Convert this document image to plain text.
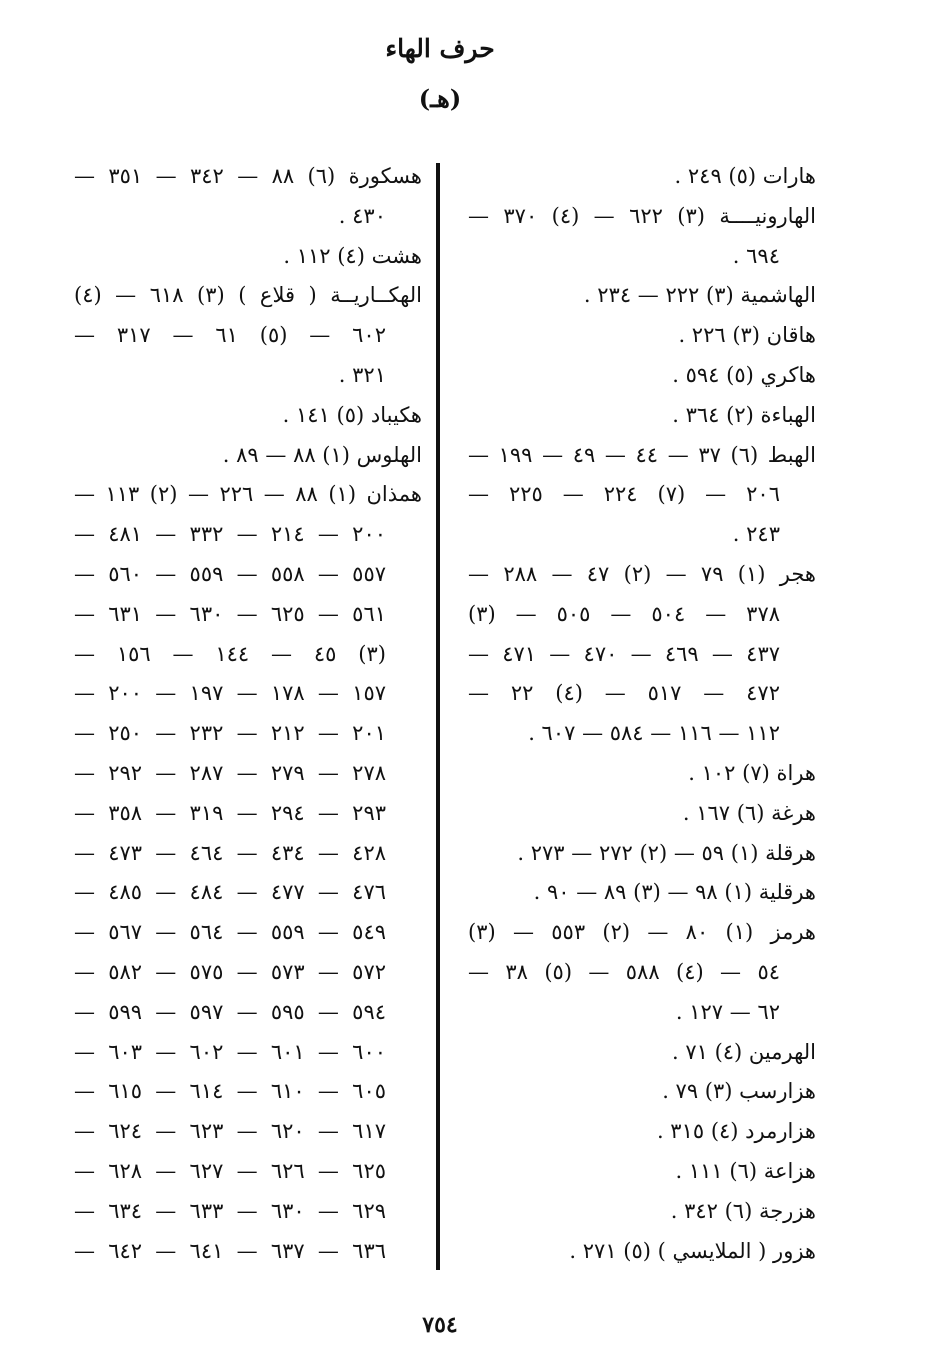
حرف الهاء
(هـ)
هارات (٥) ٢٤٩ .
الهارونيــــة (٣) ٦٢٢ — (٤) ٣٧٠ —
٦٩٤ .
الهاشمية (٣) ٢٢٢ — ٢٣٤ .
هاقان (٣) ٢٢٦ .
هاكري (٥) ٥٩٤ .
الهباءة (٢) ٣٦٤ .
الهبط (٦) ٣٧ — ٤٤ — ٤٩ — ١٩٩ —
٢٠٦ — (٧) ٢٢٤ — ٢٢٥ —
٢٤٣ .
هجر (١) ٧٩ — (٢) ٤٧ — ٢٨٨ —
٣٧٨ — ٥٠٤ — ٥٠٥ — (٣)
٤٣٧ — ٤٦٩ — ٤٧٠ — ٤٧١ —
٤٧٢ — ٥١٧ — (٤) ٢٢ —
١١٢ — ١١٦ — ٥٨٤ — ٦٠٧ .
هراة (٧) ١٠٢ .
هرغة (٦) ١٦٧ .
هرقلة (١) ٥٩ — (٢) ٢٧٢ — ٢٧٣ .
هرقلية (١) ٩٨ — (٣) ٨٩ — ٩٠ .
هرمز (١) ٨٠ — (٢) ٥٥٣ — (٣)
٥٤ — (٤) ٥٨٨ — (٥) ٣٨ —
٦٢ — ١٢٧ .
الهرمين (٤) ٧١ .
هزارسب (٣) ٧٩ .
هزارمرد (٤) ٣١٥ .
هزاعة (٦) ١١١ .
هزرجة (٦) ٣٤٢ .
هزور ( الملايسي ) (٥) ٢٧١ .
هسكورة (٦) ٨٨ — ٣٤٢ — ٣٥١ —
٤٣٠ .
هشت (٤) ١١٢ .
الهكــاريــة ( قلاع ) (٣) ٦١٨ — (٤)
٦٠٢ — (٥) ٦١ — ٣١٧ —
٣٢١ .
هكيباد (٥) ١٤١ .
الهلوس (١) ٨٨ — ٨٩ .
همذان (١) ٨٨ — ٢٢٦ — (٢) ١١٣ —
٢٠٠ — ٢١٤ — ٣٣٢ — ٤٨١ —
٥٥٧ — ٥٥٨ — ٥٥٩ — ٥٦٠ —
٥٦١ — ٦٢٥ — ٦٣٠ — ٦٣١ —
(٣) ٤٥ — ١٤٤ — ١٥٦ —
١٥٧ — ١٧٨ — ١٩٧ — ٢٠٠ —
٢٠١ — ٢١٢ — ٢٣٢ — ٢٥٠ —
٢٧٨ — ٢٧٩ — ٢٨٧ — ٢٩٢ —
٢٩٣ — ٢٩٤ — ٣١٩ — ٣٥٨ —
٤٢٨ — ٤٣٤ — ٤٦٤ — ٤٧٣ —
٤٧٦ — ٤٧٧ — ٤٨٤ — ٤٨٥ —
٥٤٩ — ٥٥٩ — ٥٦٤ — ٥٦٧ —
٥٧٢ — ٥٧٣ — ٥٧٥ — ٥٨٢ —
٥٩٤ — ٥٩٥ — ٥٩٧ — ٥٩٩ —
٦٠٠ — ٦٠١ — ٦٠٢ — ٦٠٣ —
٦٠٥ — ٦١٠ — ٦١٤ — ٦١٥ —
٦١٧ — ٦٢٠ — ٦٢٣ — ٦٢٤ —
٦٢٥ — ٦٢٦ — ٦٢٧ — ٦٢٨ —
٦٢٩ — ٦٣٠ — ٦٣٣ — ٦٣٤ —
٦٣٦ — ٦٣٧ — ٦٤١ — ٦٤٢ —
٧٥٤
